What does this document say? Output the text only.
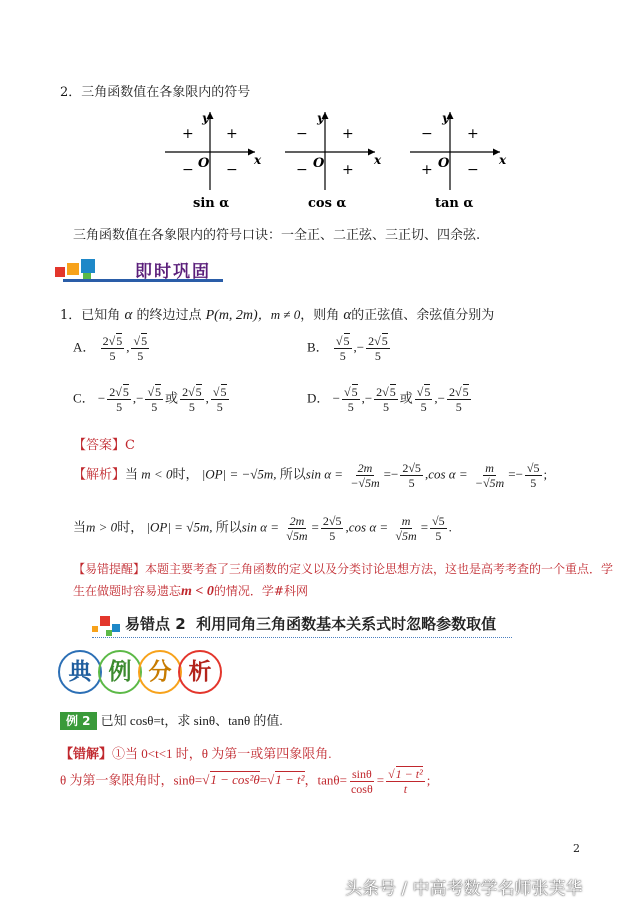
2．三角函数值在各象限内的符号
y
x
O
+
+
− −
sin α
y
x
O
+
−
− +
cos α
y
x
O
+
−
+ −
tan α
三角函数值在各象限内的符号口诀：一全正、二正弦、三正切、四余弦.
即时巩固
1．已知角 α 的终边过点 P(m, 2m)，m ≠ 0，则角 α的正弦值、余弦值分别为
A． $\frac{2√5}{5}$ , $\frac{√5}{5}$	B． $\frac{√5}{5}$ ,− $\frac{2√5}{5}$
C． − $\frac{2√5}{5}$ ,− $\frac{√5}{5}$ 或 $\frac{2√5}{5}$ , $\frac{√5}{5}$	D． − $\frac{√5}{5}$ ,− $\frac{2√5}{5}$ 或 $\frac{√5}{5}$ ,− $\frac{2√5}{5}$
【答案】C
【解析】当 m < 0时， |OP| = −√5m, 所以$\sin \alpha = \frac{2m}{-√5m} =- \frac{2√5}{5} ,\cos$ $\alpha = \frac{m}{-√5m} =- \frac{√5}{5}$ ;
当m > 0时， |OP| = √5m, 所以$\sin \alpha = \frac{2m}{√5m} = \frac{2√5}{5} ,\cos$ $\alpha = \frac{m}{√5m} = \frac{√5}{5}$ .
【易错提醒】本题主要考查了三角函数的定义以及分类讨论思想方法，这也是高考考查的一个重点．学
生在做题时容易遗忘m < 0的情况．学#科网
易错点 2 利用同角三角函数基本关系式时忽略参数取值
典 例 分 析
例 2 已知 cosθ=t，求 sinθ、tanθ 的值.
【错解】①当 0<t<1 时，θ 为第一或第四象限角.
θ 为第一象限角时，sinθ=√1 − cos²θ=√1 − t²，$\tan\theta= \frac{\sin\theta}{\cos\theta} = \frac{\text{√1 − t²}}{t}$ ;
2
头条号 / 中高考数学名师张芙华
